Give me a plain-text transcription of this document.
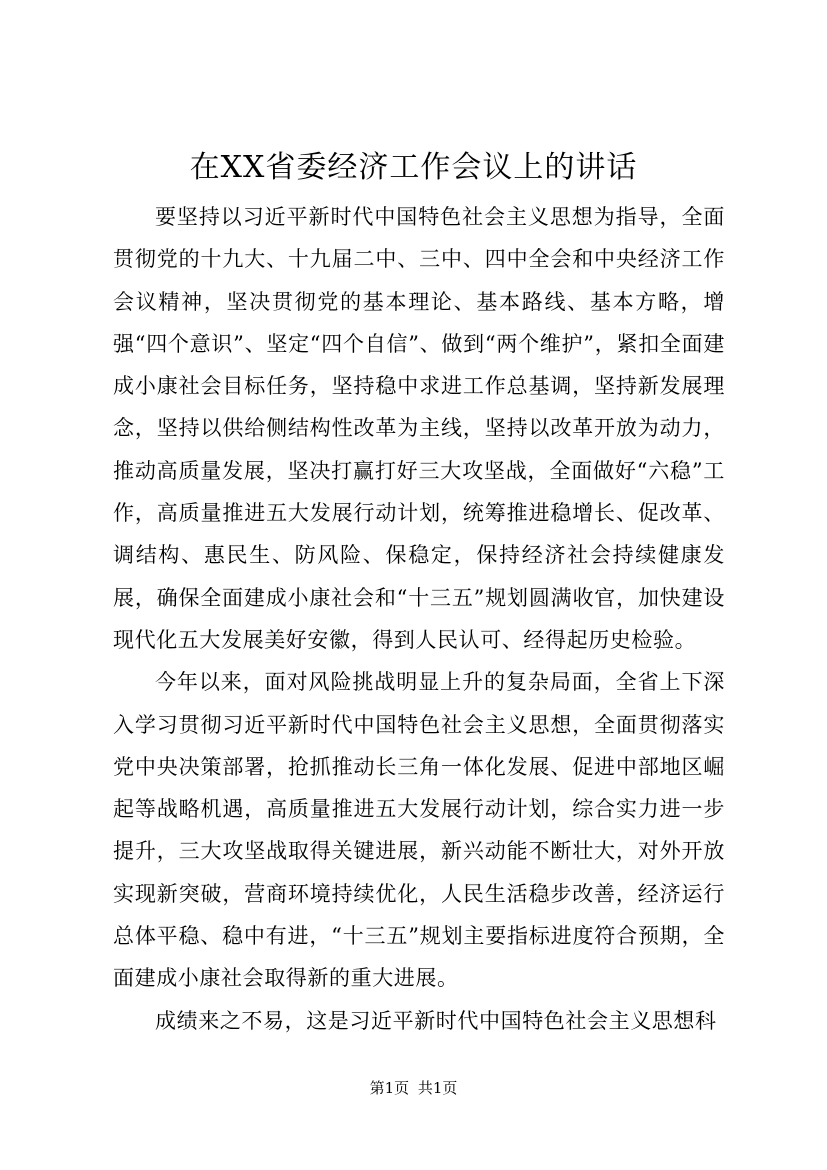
在XX省委经济工作会议上的讲话

要坚持以习近平新时代中国特色社会主义思想为指导，全面贯彻党的十九大、十九届二中、三中、四中全会和中央经济工作会议精神，坚决贯彻党的基本理论、基本路线、基本方略，增强“四个意识”、坚定“四个自信”、做到“两个维护”，紧扣全面建成小康社会目标任务，坚持稳中求进工作总基调，坚持新发展理念，坚持以供给侧结构性改革为主线，坚持以改革开放为动力，推动高质量发展，坚决打赢打好三大攻坚战，全面做好“六稳”工作，高质量推进五大发展行动计划，统筹推进稳增长、促改革、调结构、惠民生、防风险、保稳定，保持经济社会持续健康发展，确保全面建成小康社会和“十三五”规划圆满收官，加快建设现代化五大发展美好安徽，得到人民认可、经得起历史检验。

今年以来，面对风险挑战明显上升的复杂局面，全省上下深入学习贯彻习近平新时代中国特色社会主义思想，全面贯彻落实党中央决策部署，抢抓推动长三角一体化发展、促进中部地区崛起等战略机遇，高质量推进五大发展行动计划，综合实力进一步提升，三大攻坚战取得关键进展，新兴动能不断壮大，对外开放实现新突破，营商环境持续优化，人民生活稳步改善，经济运行总体平稳、稳中有进，“十三五”规划主要指标进度符合预期，全面建成小康社会取得新的重大进展。

成绩来之不易，这是习近平新时代中国特色社会主义思想科

第1页 共1页
